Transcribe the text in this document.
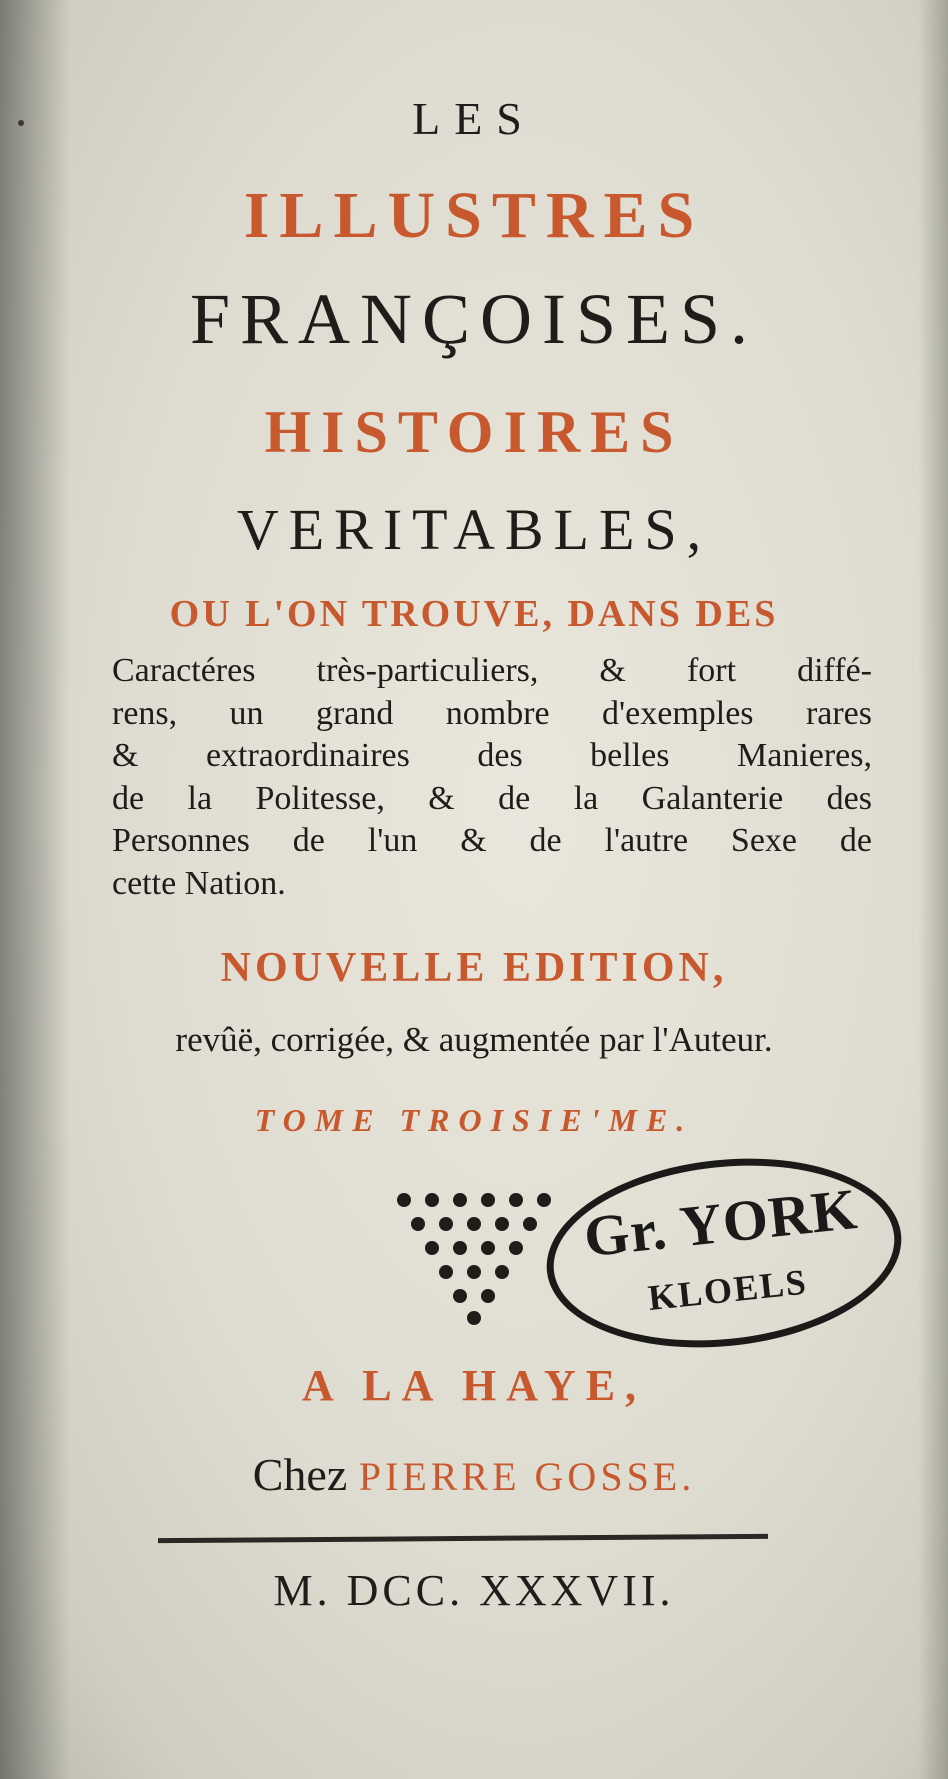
LES
ILLUSTRES
FRANÇOISES.
HISTOIRES
VERITABLES,
OU L'ON TROUVE, DANS DES
Caractéres très-particuliers, & fort diffé-
rens, un grand nombre d'exemples rares
& extraordinaires des belles Manieres,
de la Politesse, & de la Galanterie des
Personnes de l'un & de l'autre Sexe de
cette Nation.
NOUVELLE EDITION,
revûë, corrigée, & augmentée par l'Auteur.
TOME TROISIE'ME.
Gr. YORK
KLOELS
A LA HAYE,
Chez PIERRE GOSSE.
M. DCC. XXXVII.
